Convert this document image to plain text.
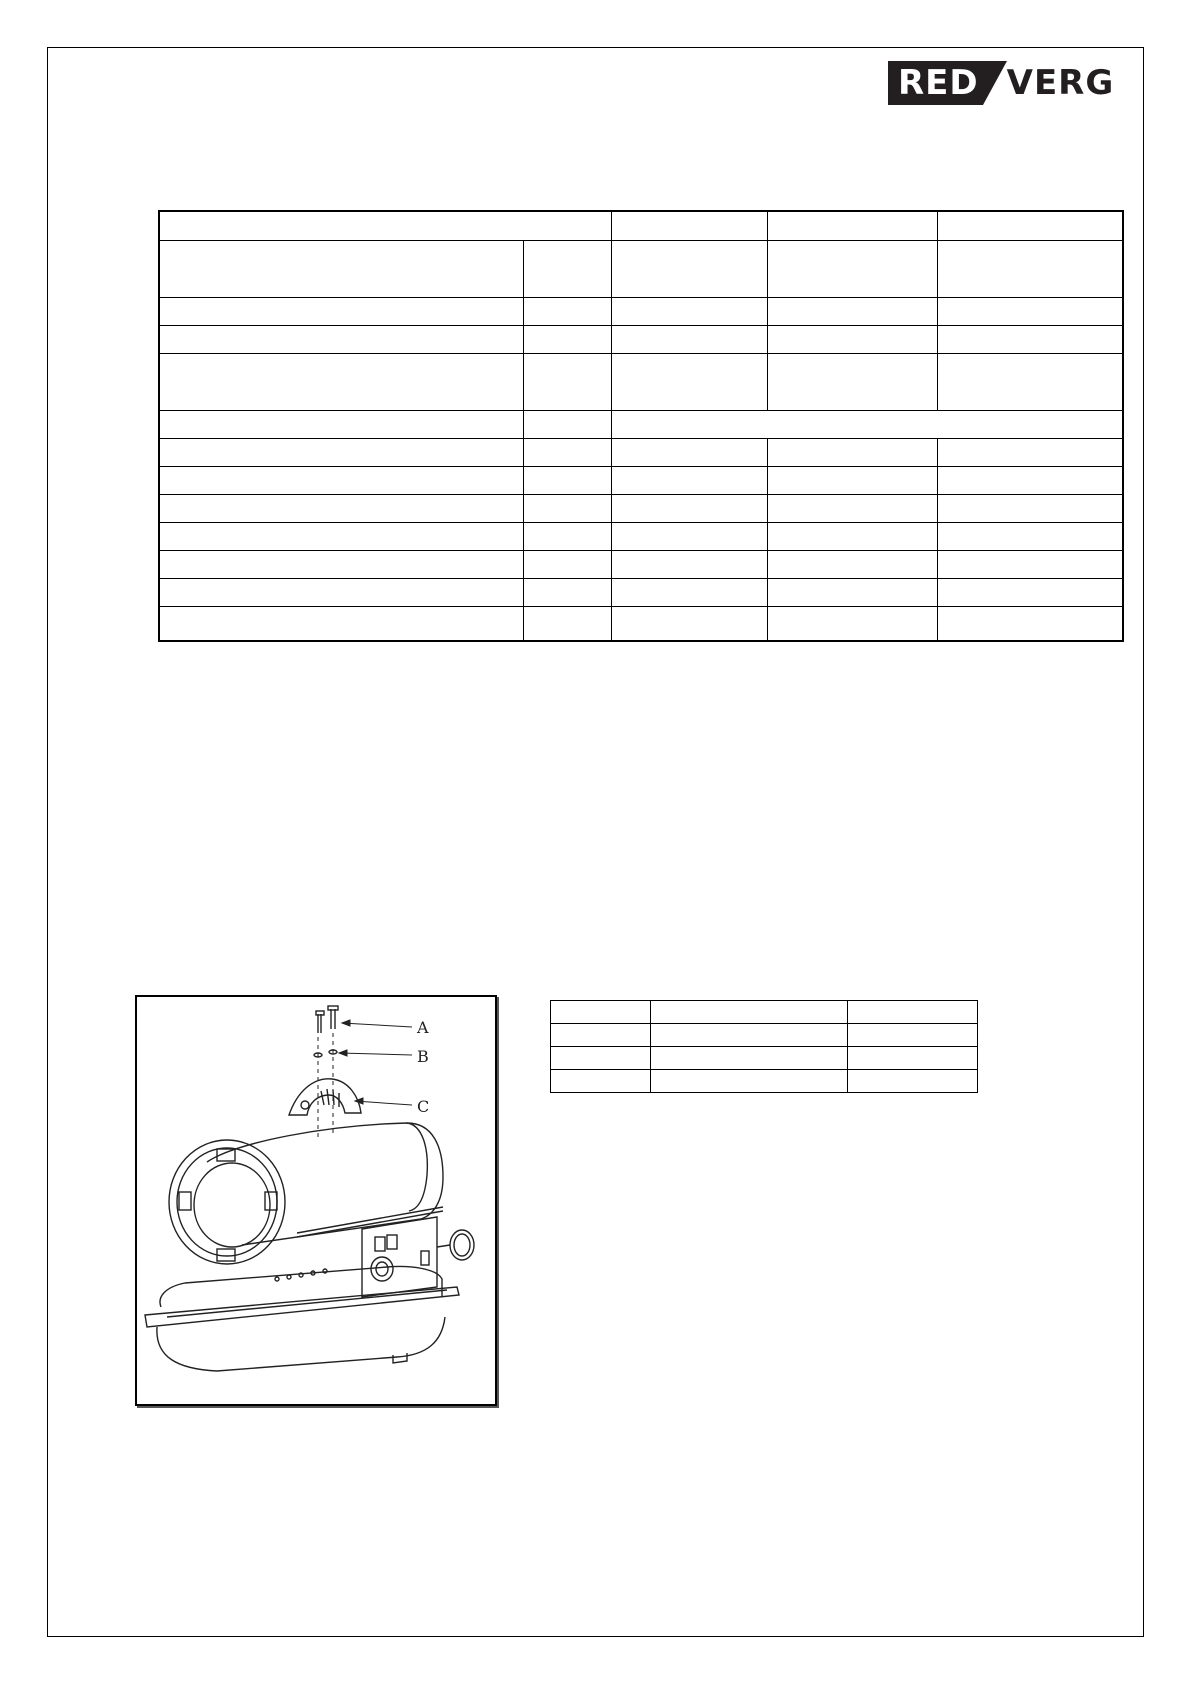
RED VERG

A
B
C
